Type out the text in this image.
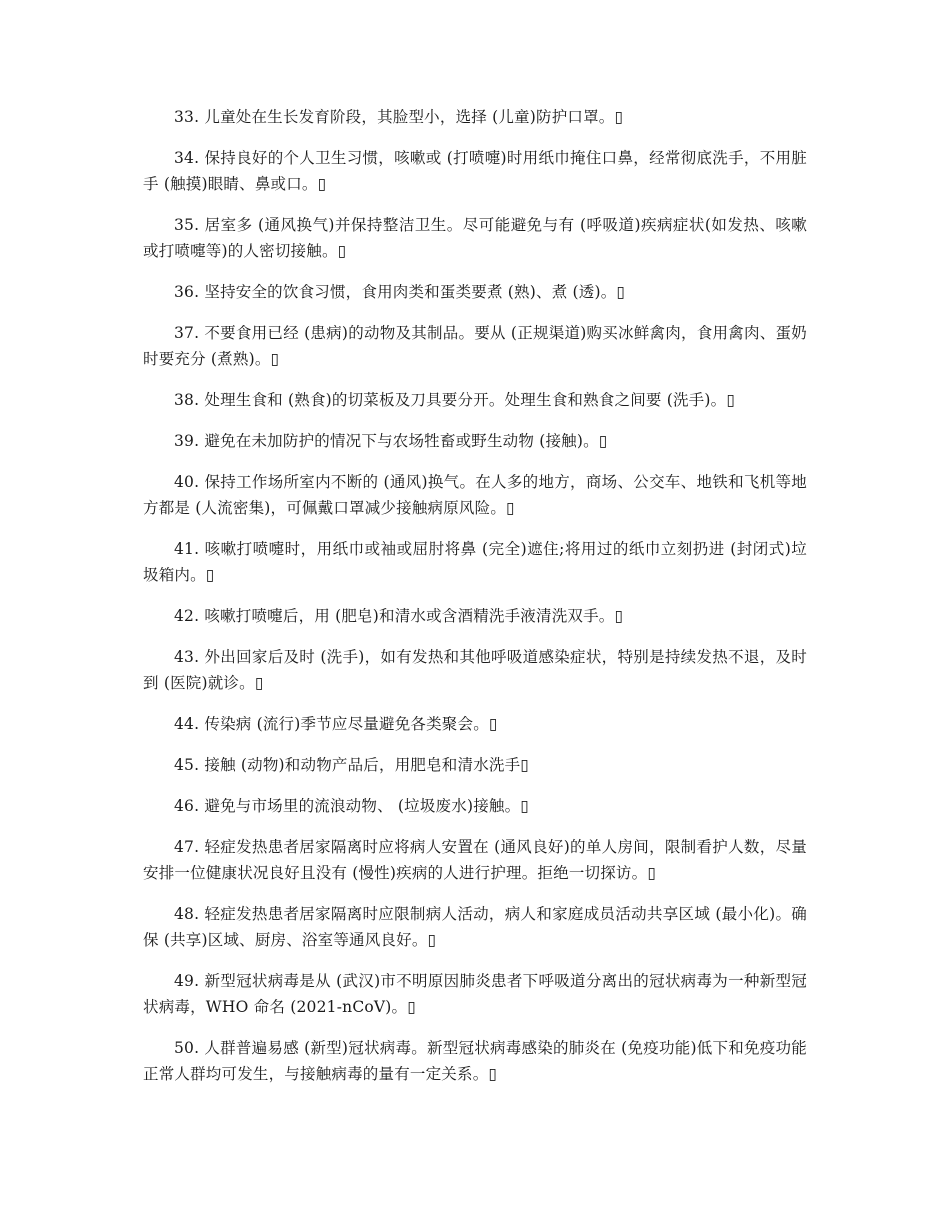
33. 儿童处在生长发育阶段，其脸型小，选择 (儿童)防护口罩。▯

34. 保持良好的个人卫生习惯，咳嗽或 (打喷嚏)时用纸巾掩住口鼻，经常彻底洗手，不用脏手 (触摸)眼睛、鼻或口。▯

35. 居室多 (通风换气)并保持整洁卫生。尽可能避免与有 (呼吸道)疾病症状(如发热、咳嗽或打喷嚏等)的人密切接触。▯

36. 坚持安全的饮食习惯，食用肉类和蛋类要煮 (熟)、煮 (透)。▯

37. 不要食用已经 (患病)的动物及其制品。要从 (正规渠道)购买冰鲜禽肉，食用禽肉、蛋奶时要充分 (煮熟)。▯

38. 处理生食和 (熟食)的切菜板及刀具要分开。处理生食和熟食之间要 (洗手)。▯

39. 避免在未加防护的情况下与农场牲畜或野生动物 (接触)。▯

40. 保持工作场所室内不断的 (通风)换气。在人多的地方，商场、公交车、地铁和飞机等地方都是 (人流密集)，可佩戴口罩减少接触病原风险。▯

41. 咳嗽打喷嚏时，用纸巾或袖或屈肘将鼻 (完全)遮住;将用过的纸巾立刻扔进 (封闭式)垃圾箱内。▯

42. 咳嗽打喷嚏后，用 (肥皂)和清水或含酒精洗手液清洗双手。▯

43. 外出回家后及时 (洗手)，如有发热和其他呼吸道感染症状，特别是持续发热不退，及时到 (医院)就诊。▯

44. 传染病 (流行)季节应尽量避免各类聚会。▯

45. 接触 (动物)和动物产品后，用肥皂和清水洗手▯

46. 避免与市场里的流浪动物、 (垃圾废水)接触。▯

47. 轻症发热患者居家隔离时应将病人安置在 (通风良好)的单人房间，限制看护人数，尽量安排一位健康状况良好且没有 (慢性)疾病的人进行护理。拒绝一切探访。▯

48. 轻症发热患者居家隔离时应限制病人活动，病人和家庭成员活动共享区域 (最小化)。确保 (共享)区域、厨房、浴室等通风良好。▯

49. 新型冠状病毒是从 (武汉)市不明原因肺炎患者下呼吸道分离出的冠状病毒为一种新型冠状病毒，WHO 命名 (2021-nCoV)。▯

50. 人群普遍易感 (新型)冠状病毒。新型冠状病毒感染的肺炎在 (免疫功能)低下和免疫功能正常人群均可发生，与接触病毒的量有一定关系。▯
